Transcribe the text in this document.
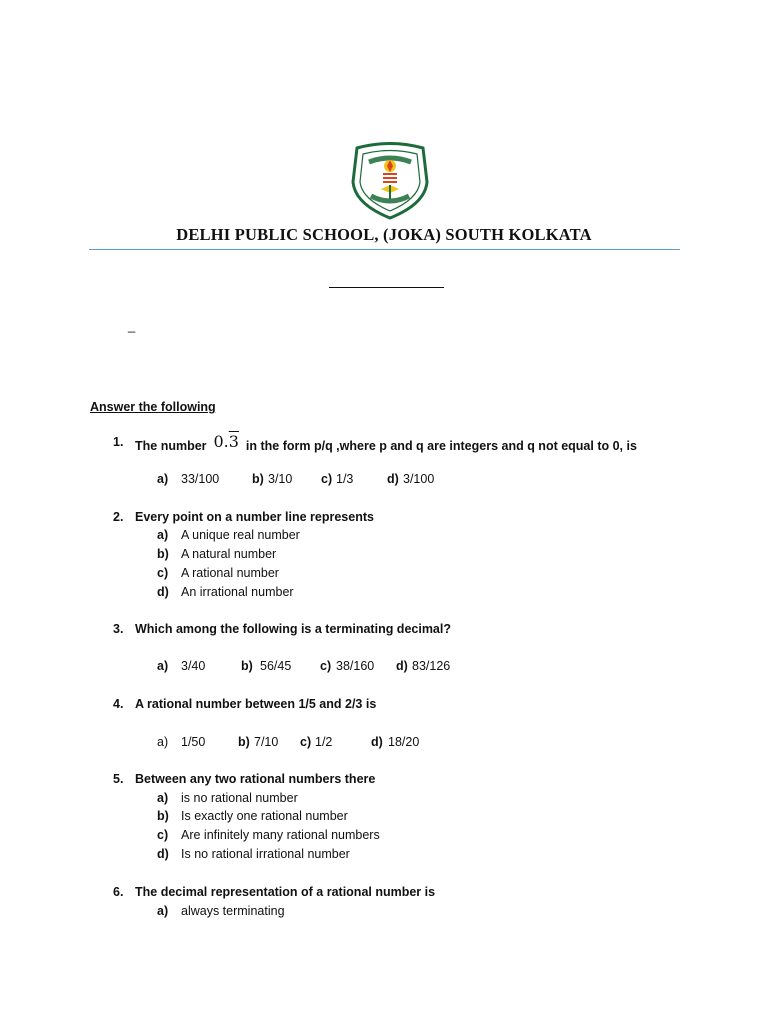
DELHI PUBLIC SCHOOL, (JOKA) SOUTH KOLKATA
_
Answer the following
1. The number 0.3 in the form p/q ,where p and q are integers and q not equal to 0, is
a) 33/100	b) 3/10 c) 1/3	d) 3/100
2. Every point on a number line represents
a) A unique real number
b) A natural number
c) A rational number
d) An irrational number
3. Which among the following is a terminating decimal?
a) 3/40	b) 56/45 c) 38/160 d) 83/126
4. A rational number between 1/5 and 2/3 is
a) 1/50	b) 7/10 c) 1/2	d) 18/20
5. Between any two rational numbers there
a) is no rational number
b) Is exactly one rational number
c) Are infinitely many rational numbers
d) Is no rational irrational number
6. The decimal representation of a rational number is
a) always terminating
